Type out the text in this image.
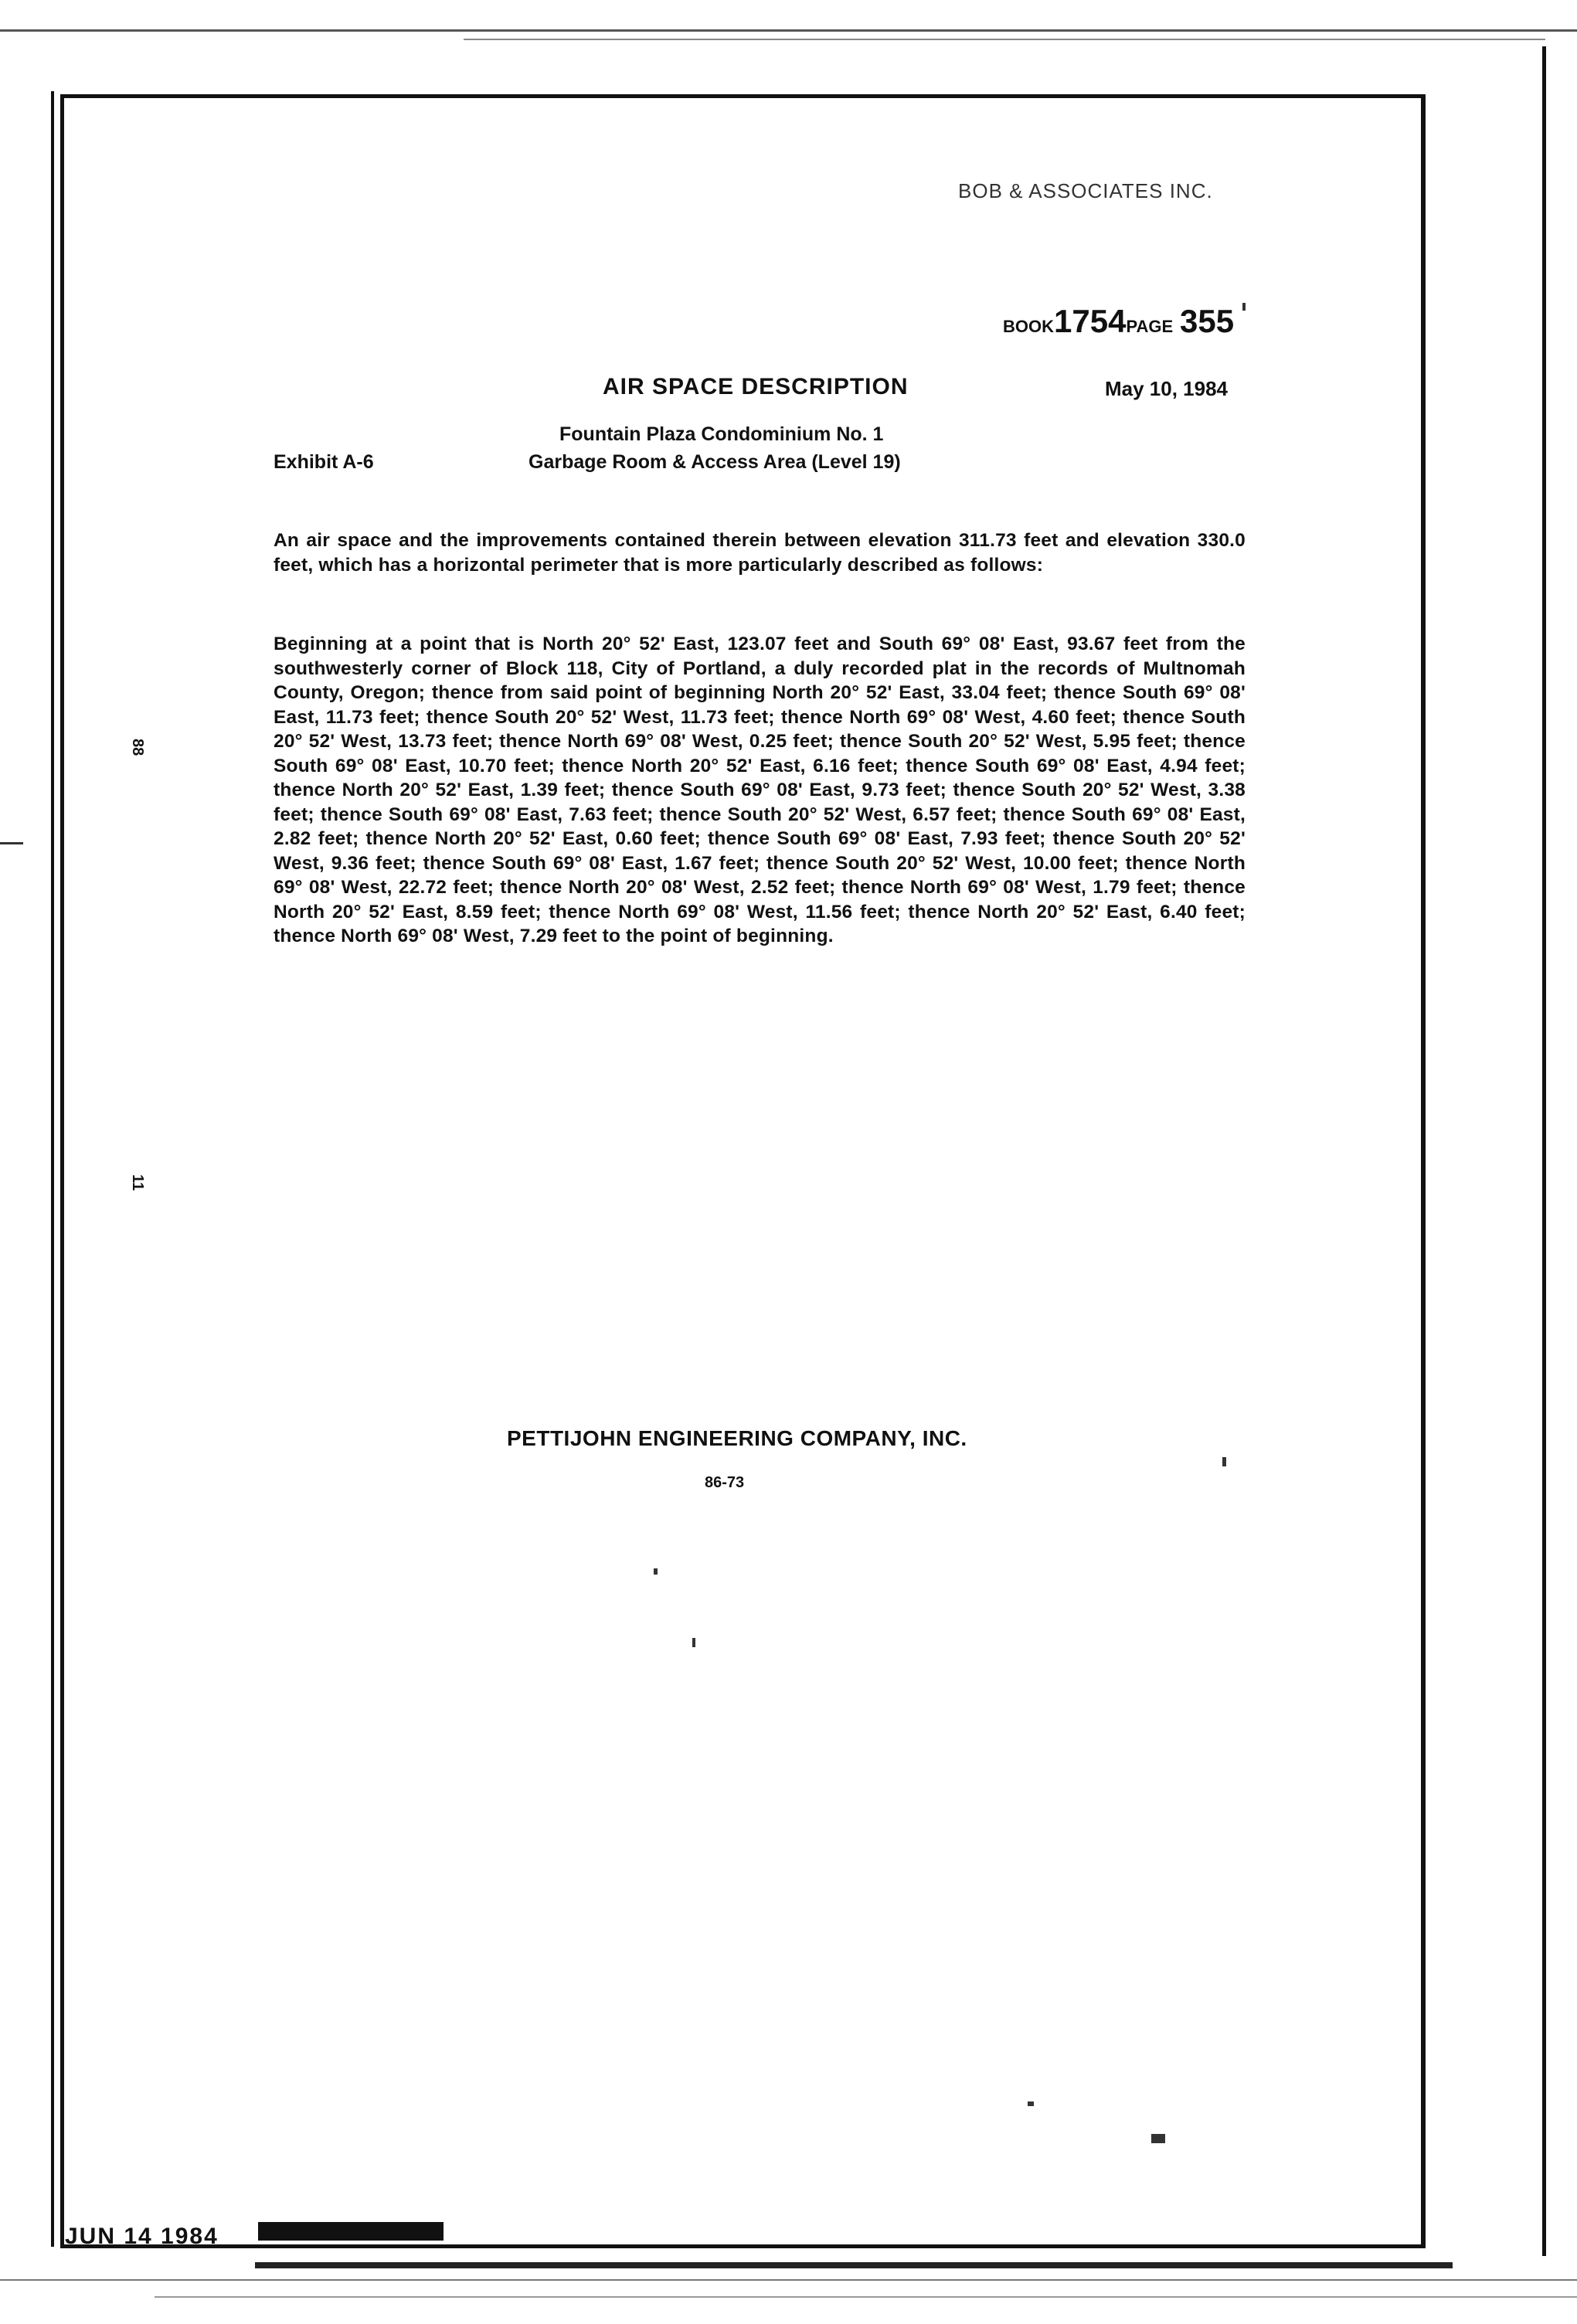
BOB & ASSOCIATES INC.
BOOK1754PAGE 355
AIR SPACE DESCRIPTION	May 10, 1984
Fountain Plaza Condominium No. 1
Exhibit A-6	Garbage Room & Access Area (Level 19)
An air space and the improvements contained therein between elevation 311.73 feet and elevation 330.0 feet, which has a horizontal perimeter that is more particularly described as follows:
Beginning at a point that is North 20° 52' East, 123.07 feet and South 69° 08' East, 93.67 feet from the southwesterly corner of Block 118, City of Portland, a duly recorded plat in the records of Multnomah County, Oregon; thence from said point of beginning North 20° 52' East, 33.04 feet; thence South 69° 08' East, 11.73 feet; thence South 20° 52' West, 11.73 feet; thence North 69° 08' West, 4.60 feet; thence South 20° 52' West, 13.73 feet; thence North 69° 08' West, 0.25 feet; thence South 20° 52' West, 5.95 feet; thence South 69° 08' East, 10.70 feet; thence North 20° 52' East, 6.16 feet; thence South 69° 08' East, 4.94 feet; thence North 20° 52' East, 1.39 feet; thence South 69° 08' East, 9.73 feet; thence South 20° 52' West, 3.38 feet; thence South 69° 08' East, 7.63 feet; thence South 20° 52' West, 6.57 feet; thence South 69° 08' East, 2.82 feet; thence North 20° 52' East, 0.60 feet; thence South 69° 08' East, 7.93 feet; thence South 20° 52' West, 9.36 feet; thence South 69° 08' East, 1.67 feet; thence South 20° 52' West, 10.00 feet; thence North 69° 08' West, 22.72 feet; thence North 20° 08' West, 2.52 feet; thence North 69° 08' West, 1.79 feet; thence North 20° 52' East, 8.59 feet; thence North 69° 08' West, 11.56 feet; thence North 20° 52' East, 6.40 feet; thence North 69° 08' West, 7.29 feet to the point of beginning.
PETTIJOHN ENGINEERING COMPANY, INC.
86-73
JUN 14 1984
88
11
